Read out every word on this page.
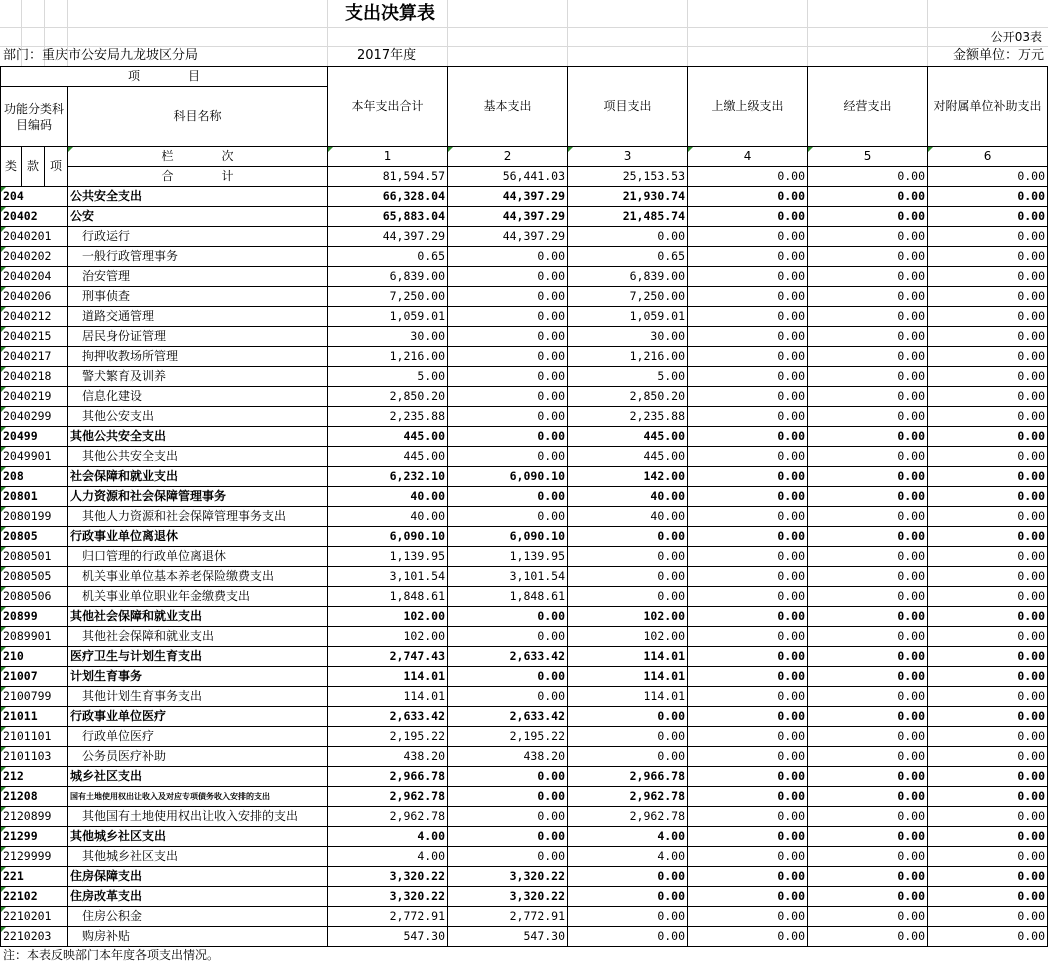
支出决算表
公开03表
部门：重庆市公安局九龙坡区分局	2017年度	金额单位：万元
项　　　　目				本年支出合计	基本支出	项目支出	上缴上级支出	经营支出	对附属单位补助支出
功能分类科目编码			科目名称						

类	款	项	栏　　　　次	1	2	3	4	5	6
			合　　　　计	81,594.57	56,441.03	25,153.53	0.00	0.00	0.00
204			公共安全支出	66,328.04	44,397.29	21,930.74	0.00	0.00	0.00
20402			公安	65,883.04	44,397.29	21,485.74	0.00	0.00	0.00
2040201			行政运行	44,397.29	44,397.29	0.00	0.00	0.00	0.00
2040202			一般行政管理事务	0.65	0.00	0.65	0.00	0.00	0.00
2040204			治安管理	6,839.00	0.00	6,839.00	0.00	0.00	0.00
2040206			刑事侦查	7,250.00	0.00	7,250.00	0.00	0.00	0.00
2040212			道路交通管理	1,059.01	0.00	1,059.01	0.00	0.00	0.00
2040215			居民身份证管理	30.00	0.00	30.00	0.00	0.00	0.00
2040217			拘押收教场所管理	1,216.00	0.00	1,216.00	0.00	0.00	0.00
2040218			警犬繁育及训养	5.00	0.00	5.00	0.00	0.00	0.00
2040219			信息化建设	2,850.20	0.00	2,850.20	0.00	0.00	0.00
2040299			其他公安支出	2,235.88	0.00	2,235.88	0.00	0.00	0.00
20499			其他公共安全支出	445.00	0.00	445.00	0.00	0.00	0.00
2049901			其他公共安全支出	445.00	0.00	445.00	0.00	0.00	0.00
208			社会保障和就业支出	6,232.10	6,090.10	142.00	0.00	0.00	0.00
20801			人力资源和社会保障管理事务	40.00	0.00	40.00	0.00	0.00	0.00
2080199			其他人力资源和社会保障管理事务支出	40.00	0.00	40.00	0.00	0.00	0.00
20805			行政事业单位离退休	6,090.10	6,090.10	0.00	0.00	0.00	0.00
2080501			归口管理的行政单位离退休	1,139.95	1,139.95	0.00	0.00	0.00	0.00
2080505			机关事业单位基本养老保险缴费支出	3,101.54	3,101.54	0.00	0.00	0.00	0.00
2080506			机关事业单位职业年金缴费支出	1,848.61	1,848.61	0.00	0.00	0.00	0.00
20899			其他社会保障和就业支出	102.00	0.00	102.00	0.00	0.00	0.00
2089901			其他社会保障和就业支出	102.00	0.00	102.00	0.00	0.00	0.00
210			医疗卫生与计划生育支出	2,747.43	2,633.42	114.01	0.00	0.00	0.00
21007			计划生育事务	114.01	0.00	114.01	0.00	0.00	0.00
2100799			其他计划生育事务支出	114.01	0.00	114.01	0.00	0.00	0.00
21011			行政事业单位医疗	2,633.42	2,633.42	0.00	0.00	0.00	0.00
2101101			行政单位医疗	2,195.22	2,195.22	0.00	0.00	0.00	0.00
2101103			公务员医疗补助	438.20	438.20	0.00	0.00	0.00	0.00
212			城乡社区支出	2,966.78	0.00	2,966.78	0.00	0.00	0.00
21208			国有土地使用权出让收入及对应专项债务收入安排的支出	2,962.78	0.00	2,962.78	0.00	0.00	0.00
2120899			其他国有土地使用权出让收入安排的支出	2,962.78	0.00	2,962.78	0.00	0.00	0.00
21299			其他城乡社区支出	4.00	0.00	4.00	0.00	0.00	0.00
2129999			其他城乡社区支出	4.00	0.00	4.00	0.00	0.00	0.00
221			住房保障支出	3,320.22	3,320.22	0.00	0.00	0.00	0.00
22102			住房改革支出	3,320.22	3,320.22	0.00	0.00	0.00	0.00
2210201			住房公积金	2,772.91	2,772.91	0.00	0.00	0.00	0.00
2210203			购房补贴	547.30	547.30	0.00	0.00	0.00	0.00
注：本表反映部门本年度各项支出情况。
